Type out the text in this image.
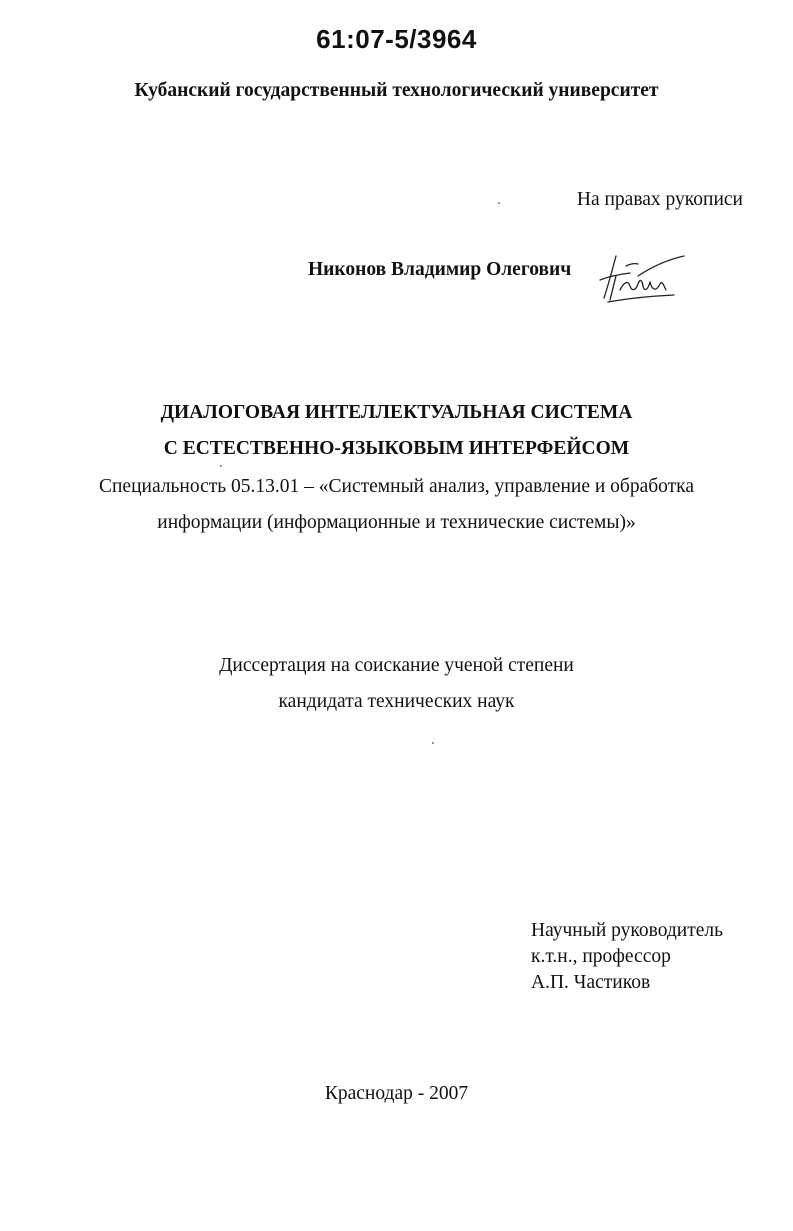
61:07-5/3964
Кубанский государственный технологический университет
На правах рукописи
Никонов Владимир Олегович
ДИАЛОГОВАЯ ИНТЕЛЛЕКТУАЛЬНАЯ СИСТЕМА
С ЕСТЕСТВЕННО-ЯЗЫКОВЫМ ИНТЕРФЕЙСОМ
Специальность 05.13.01 – «Системный анализ, управление и обработка
информации (информационные и технические системы)»
Диссертация на соискание ученой степени
кандидата технических наук
Научный руководитель
к.т.н., профессор
А.П. Частиков
Краснодар - 2007
